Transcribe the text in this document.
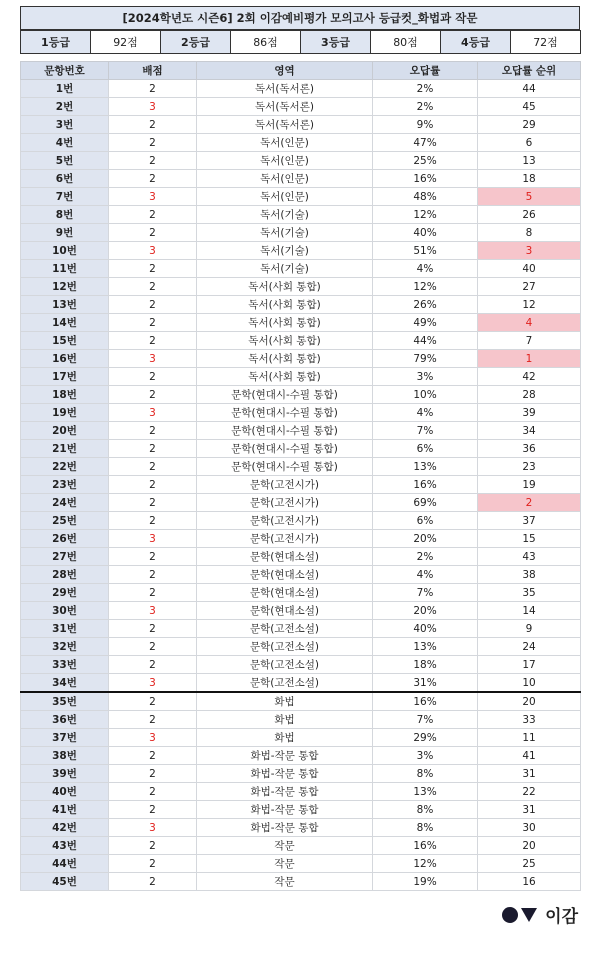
[2024학년도 시즌6] 2회 이감예비평가 모의고사 등급컷_화법과 작문
1등급	92점	2등급	86점	3등급	80점	4등급	72점
문항번호	배점	영역	오답률	오답률 순위
1번	2	독서(독서론)	2%	44
2번	3	독서(독서론)	2%	45
3번	2	독서(독서론)	9%	29
4번	2	독서(인문)	47%	6
5번	2	독서(인문)	25%	13
6번	2	독서(인문)	16%	18
7번	3	독서(인문)	48%	5
8번	2	독서(기술)	12%	26
9번	2	독서(기술)	40%	8
10번	3	독서(기술)	51%	3
11번	2	독서(기술)	4%	40
12번	2	독서(사회 통합)	12%	27
13번	2	독서(사회 통합)	26%	12
14번	2	독서(사회 통합)	49%	4
15번	2	독서(사회 통합)	44%	7
16번	3	독서(사회 통합)	79%	1
17번	2	독서(사회 통합)	3%	42
18번	2	문학(현대시-수필 통합)	10%	28
19번	3	문학(현대시-수필 통합)	4%	39
20번	2	문학(현대시-수필 통합)	7%	34
21번	2	문학(현대시-수필 통합)	6%	36
22번	2	문학(현대시-수필 통합)	13%	23
23번	2	문학(고전시가)	16%	19
24번	2	문학(고전시가)	69%	2
25번	2	문학(고전시가)	6%	37
26번	3	문학(고전시가)	20%	15
27번	2	문학(현대소설)	2%	43
28번	2	문학(현대소설)	4%	38
29번	2	문학(현대소설)	7%	35
30번	3	문학(현대소설)	20%	14
31번	2	문학(고전소설)	40%	9
32번	2	문학(고전소설)	13%	24
33번	2	문학(고전소설)	18%	17
34번	3	문학(고전소설)	31%	10
35번	2	화법	16%	20
36번	2	화법	7%	33
37번	3	화법	29%	11
38번	2	화법-작문 통합	3%	41
39번	2	화법-작문 통합	8%	31
40번	2	화법-작문 통합	13%	22
41번	2	화법-작문 통합	8%	31
42번	3	화법-작문 통합	8%	30
43번	2	작문	16%	20
44번	2	작문	12%	25
45번	2	작문	19%	16
이감
